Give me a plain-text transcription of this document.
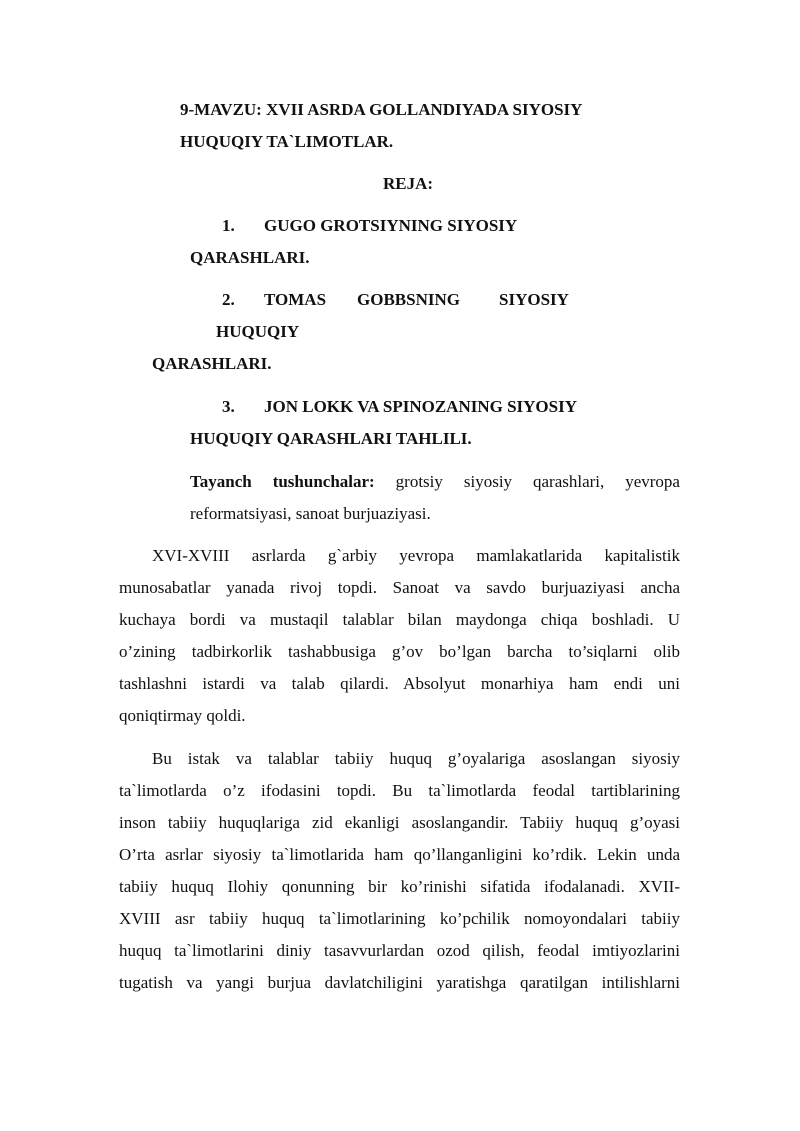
9-MAVZU: XVII ASRDA GOLLANDIYADA SIYOSIY
HUQUQIY TA`LIMOTLAR.
REJA:
1. GUGO GROTSIYNING SIYOSIY
QARASHLARI.
2. TOMAS GOBBSNING SIYOSIY
HUQUQIY
QARASHLARI.
3. JON LOKK VA SPINOZANING SIYOSIY
HUQUQIY QARASHLARI TAHLILI.
Tayanch tushunchalar: grotsiy siyosiy qarashlari, yevropa
reformatsiyasi, sanoat burjuaziyasi.
XVI-XVIII asrlarda g`arbiy yevropa mamlakatlarida kapitalistik
munosabatlar yanada rivoj topdi. Sanoat va savdo burjuaziyasi ancha
kuchaya bordi va mustaqil talablar bilan maydonga chiqa boshladi. U
o’zining tadbirkorlik tashabbusiga g’ov bo’lgan barcha to’siqlarni olib
tashlashni istardi va talab qilardi. Absolyut monarhiya ham endi uni
qoniqtirmay qoldi.
Bu istak va talablar tabiiy huquq g’oyalariga asoslangan siyosiy
ta`limotlarda o’z ifodasini topdi. Bu ta`limotlarda feodal tartiblarining
inson tabiiy huquqlariga zid ekanligi asoslangandir. Tabiiy huquq g’oyasi
O’rta asrlar siyosiy ta`limotlarida ham qo’llanganligini ko’rdik. Lekin unda
tabiiy huquq Ilohiy qonunning bir ko’rinishi sifatida ifodalanadi. XVII-
XVIII asr tabiiy huquq ta`limotlarining ko’pchilik nomoyondalari tabiiy
huquq ta`limotlarini diniy tasavvurlardan ozod qilish, feodal imtiyozlarini
tugatish va yangi burjua davlatchiligini yaratishga qaratilgan intilishlarni
